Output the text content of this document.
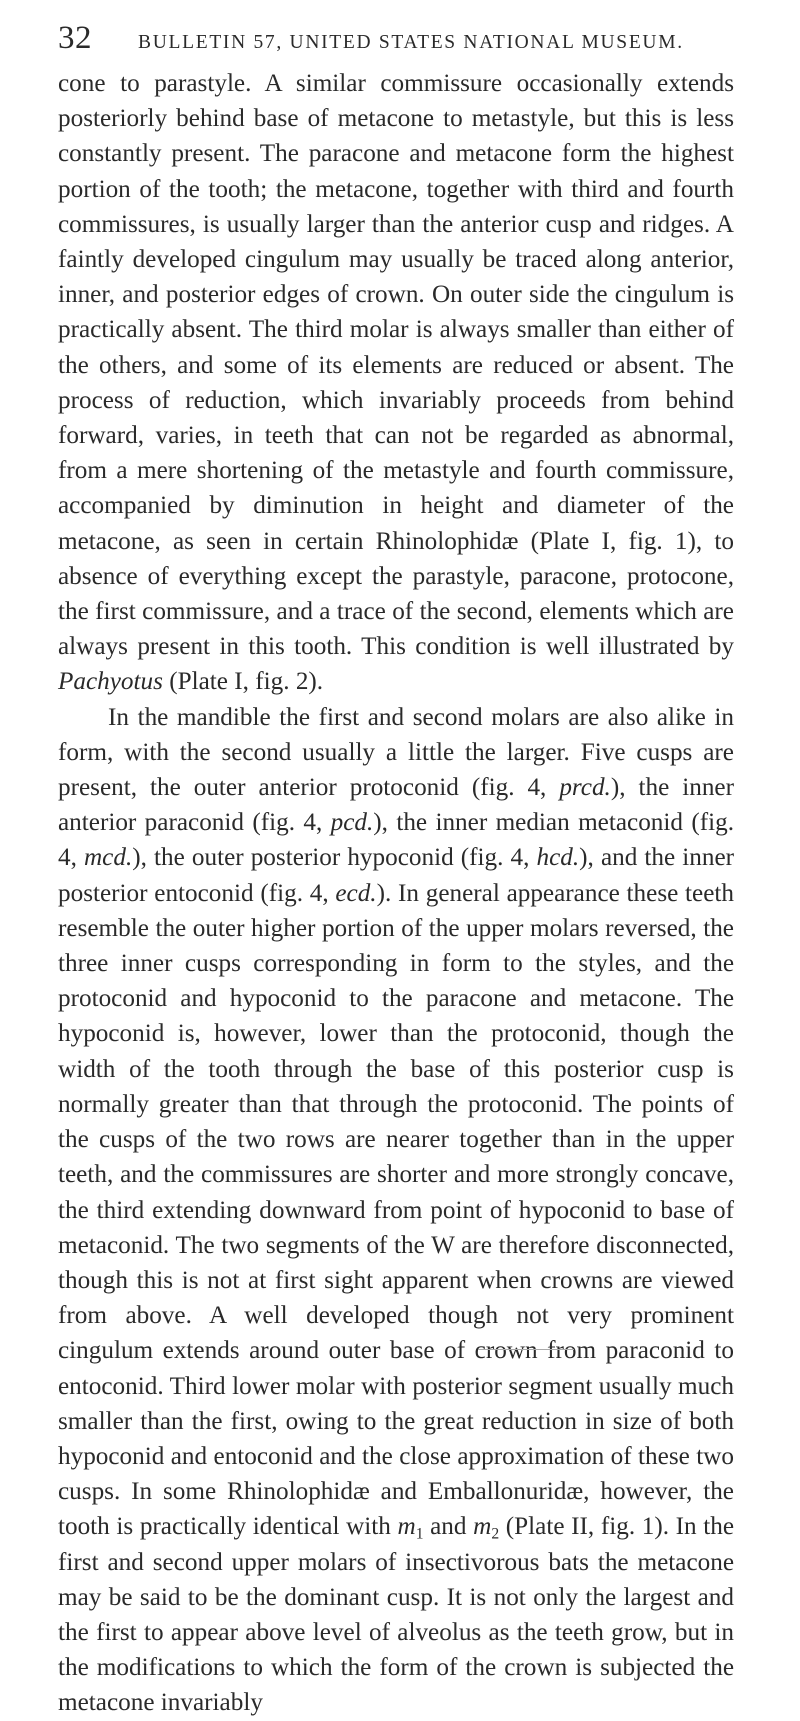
32 BULLETIN 57, UNITED STATES NATIONAL MUSEUM.

cone to parastyle. A similar commissure occasionally extends posteriorly behind base of metacone to metastyle, but this is less constantly present. The paracone and metacone form the highest portion of the tooth; the metacone, together with third and fourth commissures, is usually larger than the anterior cusp and ridges. A faintly developed cingulum may usually be traced along anterior, inner, and posterior edges of crown. On outer side the cingulum is practically absent. The third molar is always smaller than either of the others, and some of its elements are reduced or absent. The process of reduction, which invariably proceeds from behind forward, varies, in teeth that can not be regarded as abnormal, from a mere shortening of the metastyle and fourth commissure, accompanied by diminution in height and diameter of the metacone, as seen in certain Rhinolophidæ (Plate I, fig. 1), to absence of everything except the parastyle, paracone, protocone, the first commissure, and a trace of the second, elements which are always present in this tooth. This condition is well illustrated by Pachyotus (Plate I, fig. 2).

In the mandible the first and second molars are also alike in form, with the second usually a little the larger. Five cusps are present, the outer anterior protoconid (fig. 4, prcd.), the inner anterior paraconid (fig. 4, pcd.), the inner median metaconid (fig. 4, mcd.), the outer posterior hypoconid (fig. 4, hcd.), and the inner posterior entoconid (fig. 4, ecd.). In general appearance these teeth resemble the outer higher portion of the upper molars reversed, the three inner cusps corresponding in form to the styles, and the protoconid and hypoconid to the paracone and metacone. The hypoconid is, however, lower than the protoconid, though the width of the tooth through the base of this posterior cusp is normally greater than that through the protoconid. The points of the cusps of the two rows are nearer together than in the upper teeth, and the commissures are shorter and more strongly concave, the third extending downward from point of hypoconid to base of metaconid. The two segments of the W are therefore disconnected, though this is not at first sight apparent when crowns are viewed from above. A well developed though not very prominent cingulum extends around outer base of crown from paraconid to entoconid. Third lower molar with posterior segment usually much smaller than the first, owing to the great reduction in size of both hypoconid and entoconid and the close approximation of these two cusps. In some Rhinolophidæ and Emballonuridæ, however, the tooth is practically identical with $m_1$ and $m_2$ (Plate II, fig. 1). In the first and second upper molars of insectivorous bats the metacone may be said to be the dominant cusp. It is not only the largest and the first to appear above level of alveolus as the teeth grow, but in the modifications to which the form of the crown is subjected the metacone invariably
